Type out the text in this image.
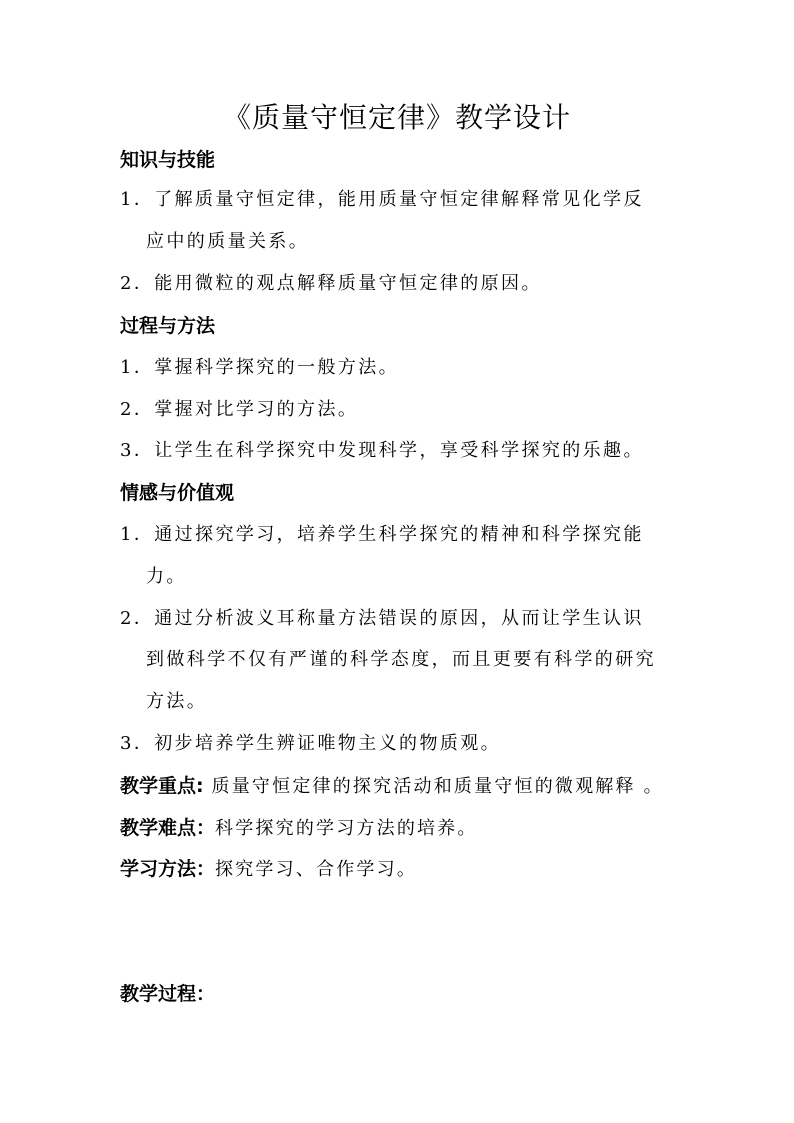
《质量守恒定律》教学设计
知识与技能
1．了解质量守恒定律，能用质量守恒定律解释常见化学反
应中的质量关系。
2．能用微粒的观点解释质量守恒定律的原因。
过程与方法
1．掌握科学探究的一般方法。
2．掌握对比学习的方法。
3．让学生在科学探究中发现科学，享受科学探究的乐趣。
情感与价值观
1．通过探究学习，培养学生科学探究的精神和科学探究能
力。
2．通过分析波义耳称量方法错误的原因，从而让学生认识
到做科学不仅有严谨的科学态度，而且更要有科学的研究
方法。
3．初步培养学生辨证唯物主义的物质观。
教学重点: 质量守恒定律的探究活动和质量守恒的微观解释 。
教学难点：科学探究的学习方法的培养。
学习方法：探究学习、合作学习。
教学过程：
